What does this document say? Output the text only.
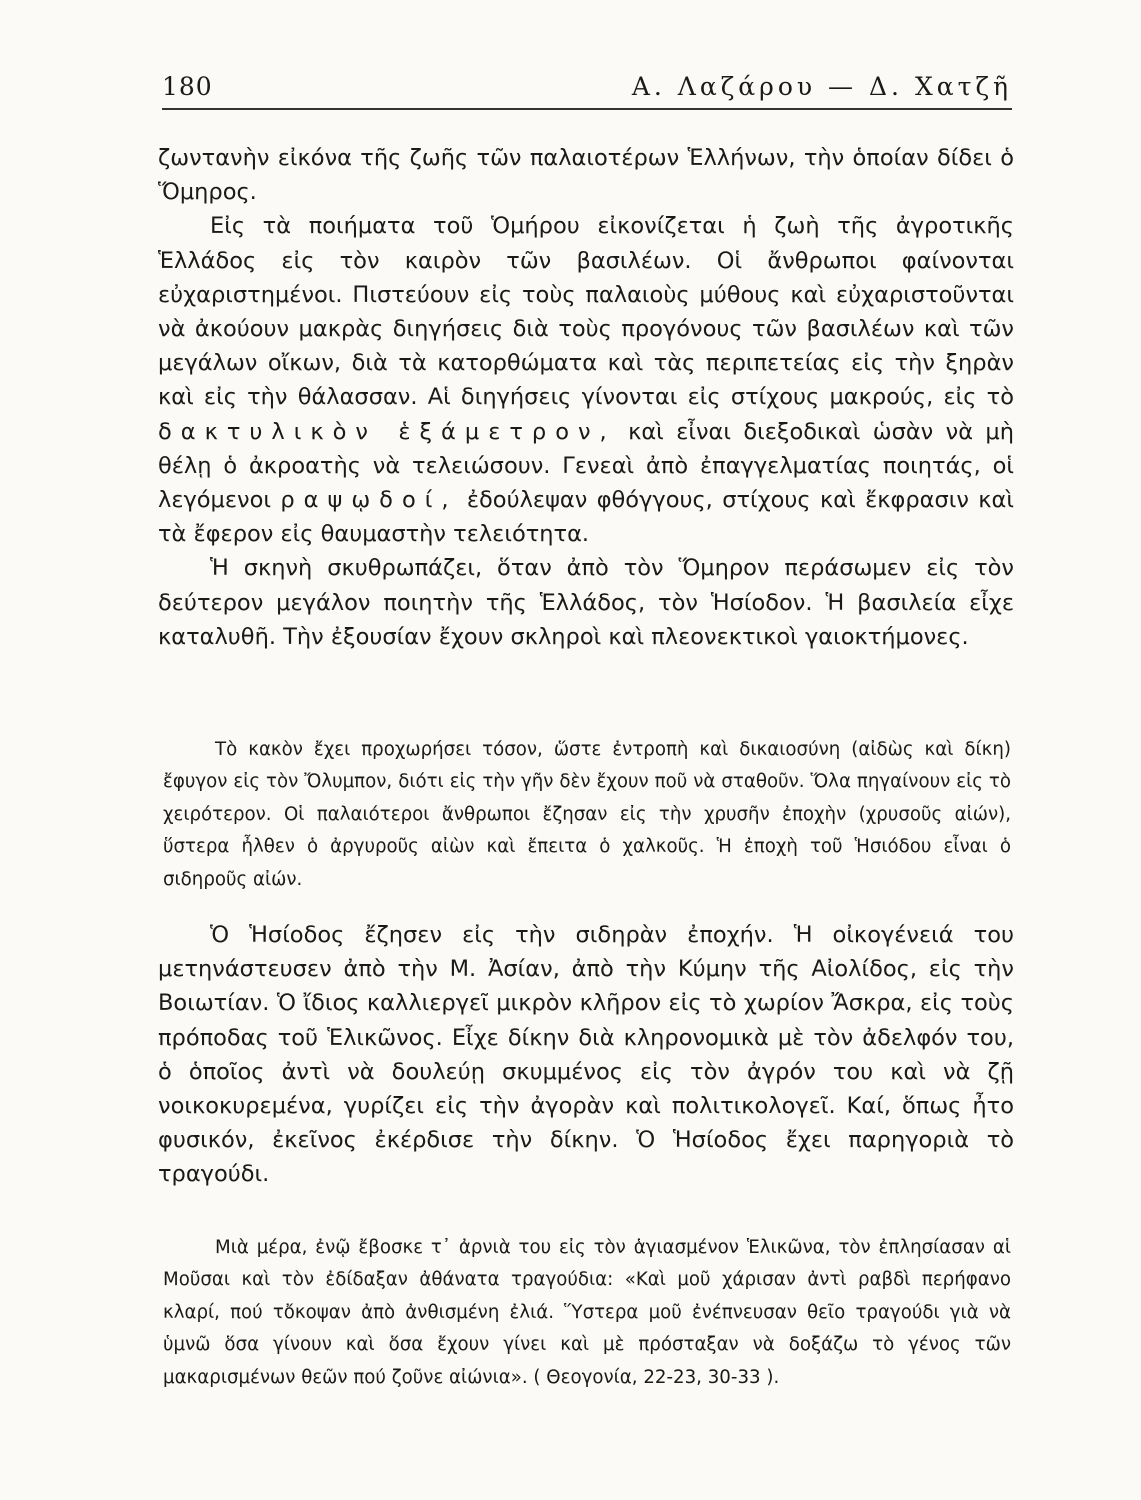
180	Α. Λαζάρου — Δ. Χατζῆ

ζωντανὴν εἰκόνα τῆς ζωῆς τῶν παλαιοτέρων Ἑλλήνων, τὴν ὁποίαν δίδει ὁ Ὅμηρος.

Εἰς τὰ ποιήματα τοῦ Ὁμήρου εἰκονίζεται ἡ ζωὴ τῆς ἀγροτικῆς Ἑλλάδος εἰς τὸν καιρὸν τῶν βασιλέων. Οἱ ἄνθρωποι φαίνονται εὐχαριστημένοι. Πιστεύουν εἰς τοὺς παλαιοὺς μύθους καὶ εὐχαριστοῦνται νὰ ἀκούουν μακρὰς διηγήσεις διὰ τοὺς προγόνους τῶν βασιλέων καὶ τῶν μεγάλων οἴκων, διὰ τὰ κατορθώματα καὶ τὰς περιπετείας εἰς τὴν ξηρὰν καὶ εἰς τὴν θάλασσαν. Αἱ διηγήσεις γίνονται εἰς στίχους μακρούς, εἰς τὸ δακτυλικὸν ἑξάμετρον, καὶ εἶναι διεξοδικαὶ ὡσὰν νὰ μὴ θέλῃ ὁ ἀκροατὴς νὰ τελειώσουν. Γενεαὶ ἀπὸ ἐπαγγελματίας ποιητάς, οἱ λεγόμενοι ραψῳδοί, ἐδούλεψαν φθόγγους, στίχους καὶ ἔκφρασιν καὶ τὰ ἔφερον εἰς θαυμαστὴν τελειότητα.

Ἡ σκηνὴ σκυθρωπάζει, ὅταν ἀπὸ τὸν Ὅμηρον περάσωμεν εἰς τὸν δεύτερον μεγάλον ποιητὴν τῆς Ἑλλάδος, τὸν Ἡσίοδον. Ἡ βασιλεία εἶχε καταλυθῆ. Τὴν ἐξουσίαν ἔχουν σκληροὶ καὶ πλεονεκτικοὶ γαιοκτήμονες.

Τὸ κακὸν ἔχει προχωρήσει τόσον, ὥστε ἐντροπὴ καὶ δικαιοσύνη (αἰδὼς καὶ δίκη) ἔφυγον εἰς τὸν Ὄλυμπον, διότι εἰς τὴν γῆν δὲν ἔχουν ποῦ νὰ σταθοῦν. Ὅλα πηγαίνουν εἰς τὸ χειρότερον. Οἱ παλαιότεροι ἄνθρωποι ἔζησαν εἰς τὴν χρυσῆν ἐποχὴν (χρυσοῦς αἰών), ὕστερα ἦλθεν ὁ ἀργυροῦς αἰὼν καὶ ἔπειτα ὁ χαλκοῦς. Ἡ ἐποχὴ τοῦ Ἡσιόδου εἶναι ὁ σιδηροῦς αἰών.

Ὁ Ἡσίοδος ἔζησεν εἰς τὴν σιδηρὰν ἐποχήν. Ἡ οἰκογένειά του μετηνάστευσεν ἀπὸ τὴν Μ. Ἀσίαν, ἀπὸ τὴν Κύμην τῆς Αἰολίδος, εἰς τὴν Βοιωτίαν. Ὁ ἴδιος καλλιεργεῖ μικρὸν κλῆρον εἰς τὸ χωρίον Ἄσκρα, εἰς τοὺς πρόποδας τοῦ Ἑλικῶνος. Εἶχε δίκην διὰ κληρονομικὰ μὲ τὸν ἀδελφόν του, ὁ ὁποῖος ἀντὶ νὰ δουλεύῃ σκυμμένος εἰς τὸν ἀγρόν του καὶ νὰ ζῇ νοικοκυρεμένα, γυρίζει εἰς τὴν ἀγορὰν καὶ πολιτικολογεῖ. Καί, ὅπως ἦτο φυσικόν, ἐκεῖνος ἐκέρδισε τὴν δίκην. Ὁ Ἡσίοδος ἔχει παρηγοριὰ τὸ τραγούδι.

Μιὰ μέρα, ἐνῷ ἔβοσκε τ᾽ ἀρνιὰ του εἰς τὸν ἁγιασμένον Ἑλικῶνα, τὸν ἐπλησίασαν αἱ Μοῦσαι καὶ τὸν ἐδίδαξαν ἀθάνατα τραγούδια: «Καὶ μοῦ χάρισαν ἀντὶ ραβδὶ περήφανο κλαρί, πού τὄκοψαν ἀπὸ ἀνθισμένη ἐλιά. Ὕστερα μοῦ ἐνέπνευσαν θεῖο τραγούδι γιὰ νὰ ὑμνῶ ὅσα γίνουν καὶ ὅσα ἔχουν γίνει καὶ μὲ πρόσταξαν νὰ δοξάζω τὸ γένος τῶν μακαρισμένων θεῶν πού ζοῦνε αἰώνια». ( Θεογονία, 22-23, 30-33 ).
